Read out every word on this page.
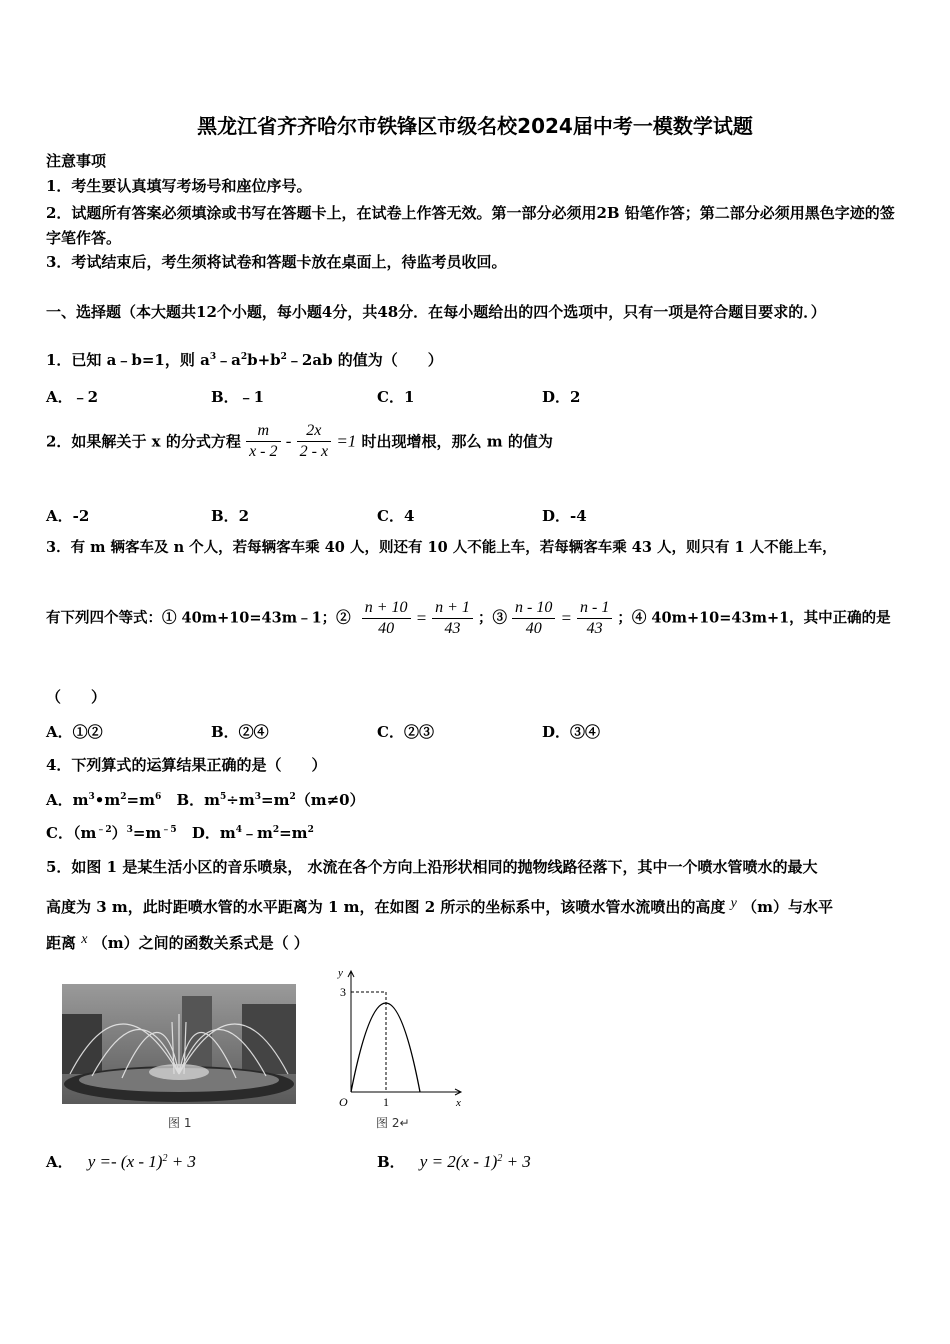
黑龙江省齐齐哈尔市铁锋区市级名校2024届中考一模数学试题
注意事项
1．考生要认真填写考场号和座位序号。
2．试题所有答案必须填涂或书写在答题卡上，在试卷上作答无效。第一部分必须用2B 铅笔作答；第二部分必须用黑色字迹的签字笔作答。
3．考试结束后，考生须将试卷和答题卡放在桌面上，待监考员收回。
一、选择题（本大题共12个小题，每小题4分，共48分．在每小题给出的四个选项中，只有一项是符合题目要求的．）
1．已知 a﹣b=1，则 $a^3﹣a^2b+b^2﹣2ab$ 的值为（　　）
A．﹣2	B．﹣1	C．1	D．2
2．如果解关于 x 的分式方程 $\frac{m}{x - 2} - \frac{2x}{2 - x} =1$ 时出现增根，那么 m 的值为
A．-2	B．2	C．4	D．-4
3．有 m 辆客车及 n 个人，若每辆客车乘 40 人，则还有 10 人不能上车，若每辆客车乘 43 人，则只有 1 人不能上车，
有下列四个等式：① 40m+10=43m﹣1；② $\frac{n + 10}{40} = \frac{n + 1}{43}$ ；③ $\frac{n - 10}{40} = \frac{n - 1}{43}$ ；④ 40m+10=43m+1，其中正确的是
（　　）
A．①②	B．②④	C．②③	D．③④
4．下列算式的运算结果正确的是（　　）
A．$m^3•m^2=m^6$ B．$m^5\div m^3=m^2(m\ne 0)$
C．$(m^{﹣2})^3=m^{﹣5}$ D．$m^4﹣m^2=m^2$
5．如图 1 是某生活小区的音乐喷泉， 水流在各个方向上沿形状相同的抛物线路径落下，其中一个喷水管喷水的最大
高度为 3 m，此时距喷水管的水平距离为 1 m，在如图 2 所示的坐标系中，该喷水管水流喷出的高度 y （m）与水平
距离 x （m）之间的函数关系式是（ ）
图 1
y
x
O
3
1
图 2↵
A． y =- (x - 1)$^2$ + 3	B． y = 2(x - 1)$^2$ + 3
